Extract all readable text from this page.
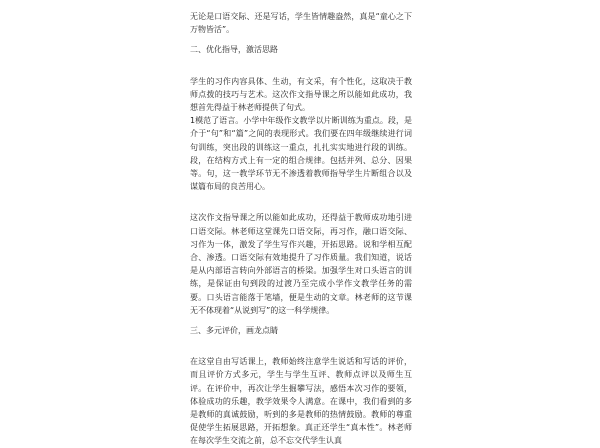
无论是口语交际、还是写话，学生皆情趣盎然，真是“童心之下万物皆活”。

二、优化指导，激活思路

学生的习作内容具体、生动，有文采，有个性化，这取决于教师点拨的技巧与艺术。这次作文指导课之所以能如此成功，我想首先得益于林老师提供了句式。

1模范了语言。小学中年级作文教学以片断训练为重点。段，是介于“句”和“篇”之间的表现形式。我们要在四年级继续进行词句训练，突出段的训练这一重点，扎扎实实地进行段的训练。段，在结构方式上有一定的组合规律。包括并列、总分、因果等。句，这一教学环节无不渗透着教师指导学生片断组合以及谋篇布局的良苦用心。

这次作文指导课之所以能如此成功，还得益于教师成功地引进口语交际。林老师这堂课先口语交际，再习作，融口语交际、习作为一体，激发了学生写作兴趣，开拓思路。说和学相互配合、渗透。口语交际有效地提升了习作质量。我们知道，说话是从内部语言转向外部语言的桥梁。加强学生对口头语言的训练，是保证由句到段的过渡乃至完成小学作文教学任务的需要。口头语言能落于笔墙，便是生动的文章。林老师的这节课无不体现着“从说到写”的这一科学规律。

三、多元评价，画龙点睛

在这堂自由写话课上，教师始终注意学生说话和写话的评价，而且评价方式多元，学生与学生互评、教师点评以及师生互评。在评价中，再次让学生掘攀写法，感悟本次习作的要领，体验成功的乐趣，教学效果令人满意。在课中，我们看到的多是教师的真诚鼓励，听到的多是教师的热情鼓励。教师的尊重促使学生拓展思路，开拓想象。真正还学生“真本性”。林老师在每次学生交流之前，总不忘交代学生认真
